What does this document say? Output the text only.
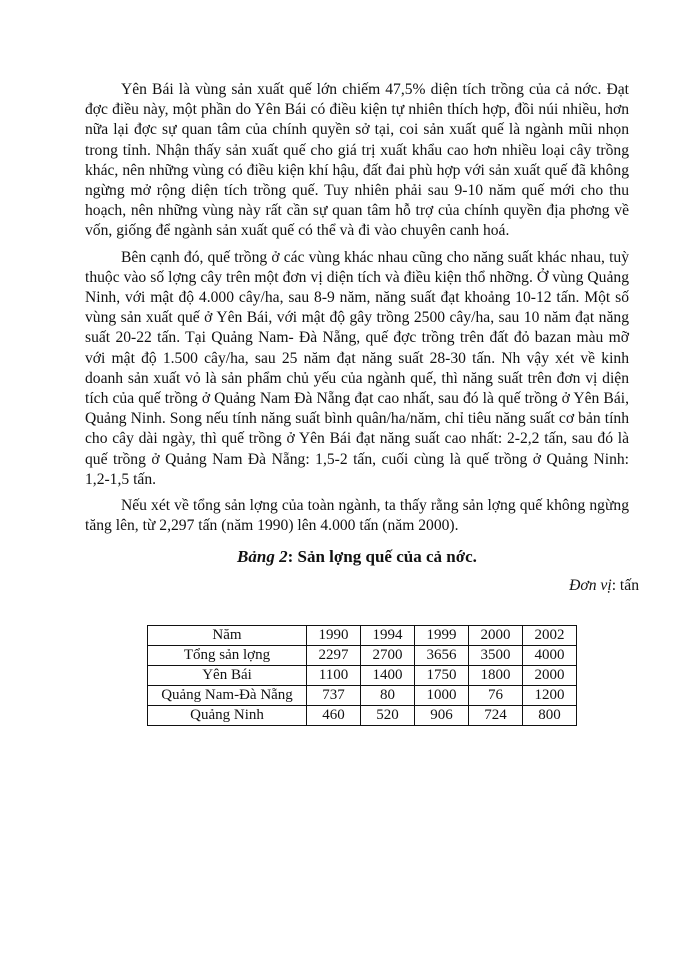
Yên Bái là vùng sản xuất quế lớn chiếm 47,5% diện tích trồng của cả nớc. Đạt đợc điều này, một phần do Yên Bái có điều kiện tự nhiên thích hợp, đồi núi nhiều, hơn nữa lại đợc sự quan tâm của chính quyền sở tại, coi sản xuất quế là ngành mũi nhọn trong tỉnh. Nhận thấy sản xuất quế cho giá trị xuất khẩu cao hơn nhiều loại cây trồng khác, nên những vùng có điều kiện khí hậu, đất đai phù hợp với sản xuất quế đã không ngừng mở rộng diện tích trồng quế. Tuy nhiên phải sau 9-10 năm quế mới cho thu hoạch, nên những vùng này rất cần sự quan tâm hỗ trợ của chính quyền địa phơng về vốn, giống để ngành sản xuất quế có thể và đi vào chuyên canh hoá.

Bên cạnh đó, quế trồng ở các vùng khác nhau cũng cho năng suất khác nhau, tuỳ thuộc vào số lợng cây trên một đơn vị diện tích và điều kiện thổ nhỡng. Ở vùng Quảng Ninh, với mật độ 4.000 cây/ha, sau 8-9 năm, năng suất đạt khoảng 10-12 tấn. Một số vùng sản xuất quế ở Yên Bái, với mật độ gây trồng 2500 cây/ha, sau 10 năm đạt năng suất 20-22 tấn. Tại Quảng Nam- Đà Nẵng, quế đợc trồng trên đất đỏ bazan màu mỡ với mật độ 1.500 cây/ha, sau 25 năm đạt năng suất 28-30 tấn. Nh vậy xét về kinh doanh sản xuất vỏ là sản phẩm chủ yếu của ngành quế, thì năng suất trên đơn vị diện tích của quế trồng ở Quảng Nam Đà Nẵng đạt cao nhất, sau đó là quế trồng ở Yên Bái, Quảng Ninh. Song nếu tính năng suất bình quân/ha/năm, chỉ tiêu năng suất cơ bản tính cho cây dài ngày, thì quế trồng ở Yên Bái đạt năng suất cao nhất: 2-2,2 tấn, sau đó là quế trồng ở Quảng Nam Đà Nẵng: 1,5-2 tấn, cuối cùng là quế trồng ở Quảng Ninh: 1,2-1,5 tấn.

Nếu xét về tổng sản lợng của toàn ngành, ta thấy rằng sản lợng quế không ngừng tăng lên, từ 2,297 tấn (năm 1990) lên 4.000 tấn (năm 2000).

Bảng 2: Sản lợng quế của cả nớc.
Đơn vị: tấn
Năm	1990	1994	1999	2000	2002
Tổng sản lợng	2297	2700	3656	3500	4000
Yên Bái	1100	1400	1750	1800	2000
Quảng Nam-Đà Nẵng	737	80	1000	76	1200
Quảng Ninh	460	520	906	724	800
